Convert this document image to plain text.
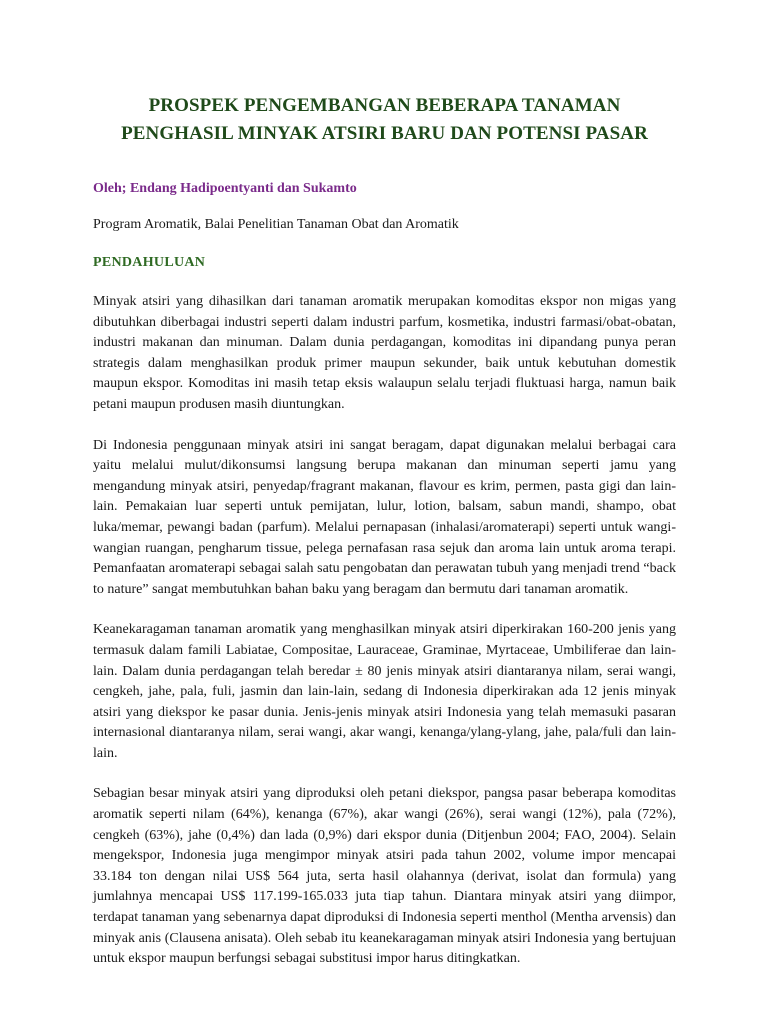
PROSPEK PENGEMBANGAN BEBERAPA TANAMAN
PENGHASIL MINYAK ATSIRI BARU DAN POTENSI PASAR

Oleh; Endang Hadipoentyanti dan Sukamto

Program Aromatik, Balai Penelitian Tanaman Obat dan Aromatik

PENDAHULUAN

Minyak atsiri yang dihasilkan dari tanaman aromatik merupakan komoditas ekspor non migas yang dibutuhkan diberbagai industri seperti dalam industri parfum, kosmetika, industri farmasi/obat-obatan, industri makanan dan minuman. Dalam dunia perdagangan, komoditas ini dipandang punya peran strategis dalam menghasilkan produk primer maupun sekunder, baik untuk kebutuhan domestik maupun ekspor. Komoditas ini masih tetap eksis walaupun selalu terjadi fluktuasi harga, namun baik petani maupun produsen masih diuntungkan.

Di Indonesia penggunaan minyak atsiri ini sangat beragam, dapat digunakan melalui berbagai cara yaitu melalui mulut/dikonsumsi langsung berupa makanan dan minuman seperti jamu yang mengandung minyak atsiri, penyedap/fragrant makanan, flavour es krim, permen, pasta gigi dan lain-lain. Pemakaian luar seperti untuk pemijatan, lulur, lotion, balsam, sabun mandi, shampo, obat luka/memar, pewangi badan (parfum). Melalui pernapasan (inhalasi/aromaterapi) seperti untuk wangi-wangian ruangan, pengharum tissue, pelega pernafasan rasa sejuk dan aroma lain untuk aroma terapi. Pemanfaatan aromaterapi sebagai salah satu pengobatan dan perawatan tubuh yang menjadi trend “back to nature” sangat membutuhkan bahan baku yang beragam dan bermutu dari tanaman aromatik.

Keanekaragaman tanaman aromatik yang menghasilkan minyak atsiri diperkirakan 160-200 jenis yang termasuk dalam famili Labiatae, Compositae, Lauraceae, Graminae, Myrtaceae, Umbiliferae dan lain-lain. Dalam dunia perdagangan telah beredar ± 80 jenis minyak atsiri diantaranya nilam, serai wangi, cengkeh, jahe, pala, fuli, jasmin dan lain-lain, sedang di Indonesia diperkirakan ada 12 jenis minyak atsiri yang diekspor ke pasar dunia. Jenis-jenis minyak atsiri Indonesia yang telah memasuki pasaran internasional diantaranya nilam, serai wangi, akar wangi, kenanga/ylang-ylang, jahe, pala/fuli dan lain-lain.

Sebagian besar minyak atsiri yang diproduksi oleh petani diekspor, pangsa pasar beberapa komoditas aromatik seperti nilam (64%), kenanga (67%), akar wangi (26%), serai wangi (12%), pala (72%), cengkeh (63%), jahe (0,4%) dan lada (0,9%) dari ekspor dunia (Ditjenbun 2004; FAO, 2004). Selain mengekspor, Indonesia juga mengimpor minyak atsiri pada tahun 2002, volume impor mencapai 33.184 ton dengan nilai US$ 564 juta, serta hasil olahannya (derivat, isolat dan formula) yang jumlahnya mencapai US$ 117.199-165.033 juta tiap tahun. Diantara minyak atsiri yang diimpor, terdapat tanaman yang sebenarnya dapat diproduksi di Indonesia seperti menthol (Mentha arvensis) dan minyak anis (Clausena anisata). Oleh sebab itu keanekaragaman minyak atsiri Indonesia yang bertujuan untuk ekspor maupun berfungsi sebagai substitusi impor harus ditingkatkan.
